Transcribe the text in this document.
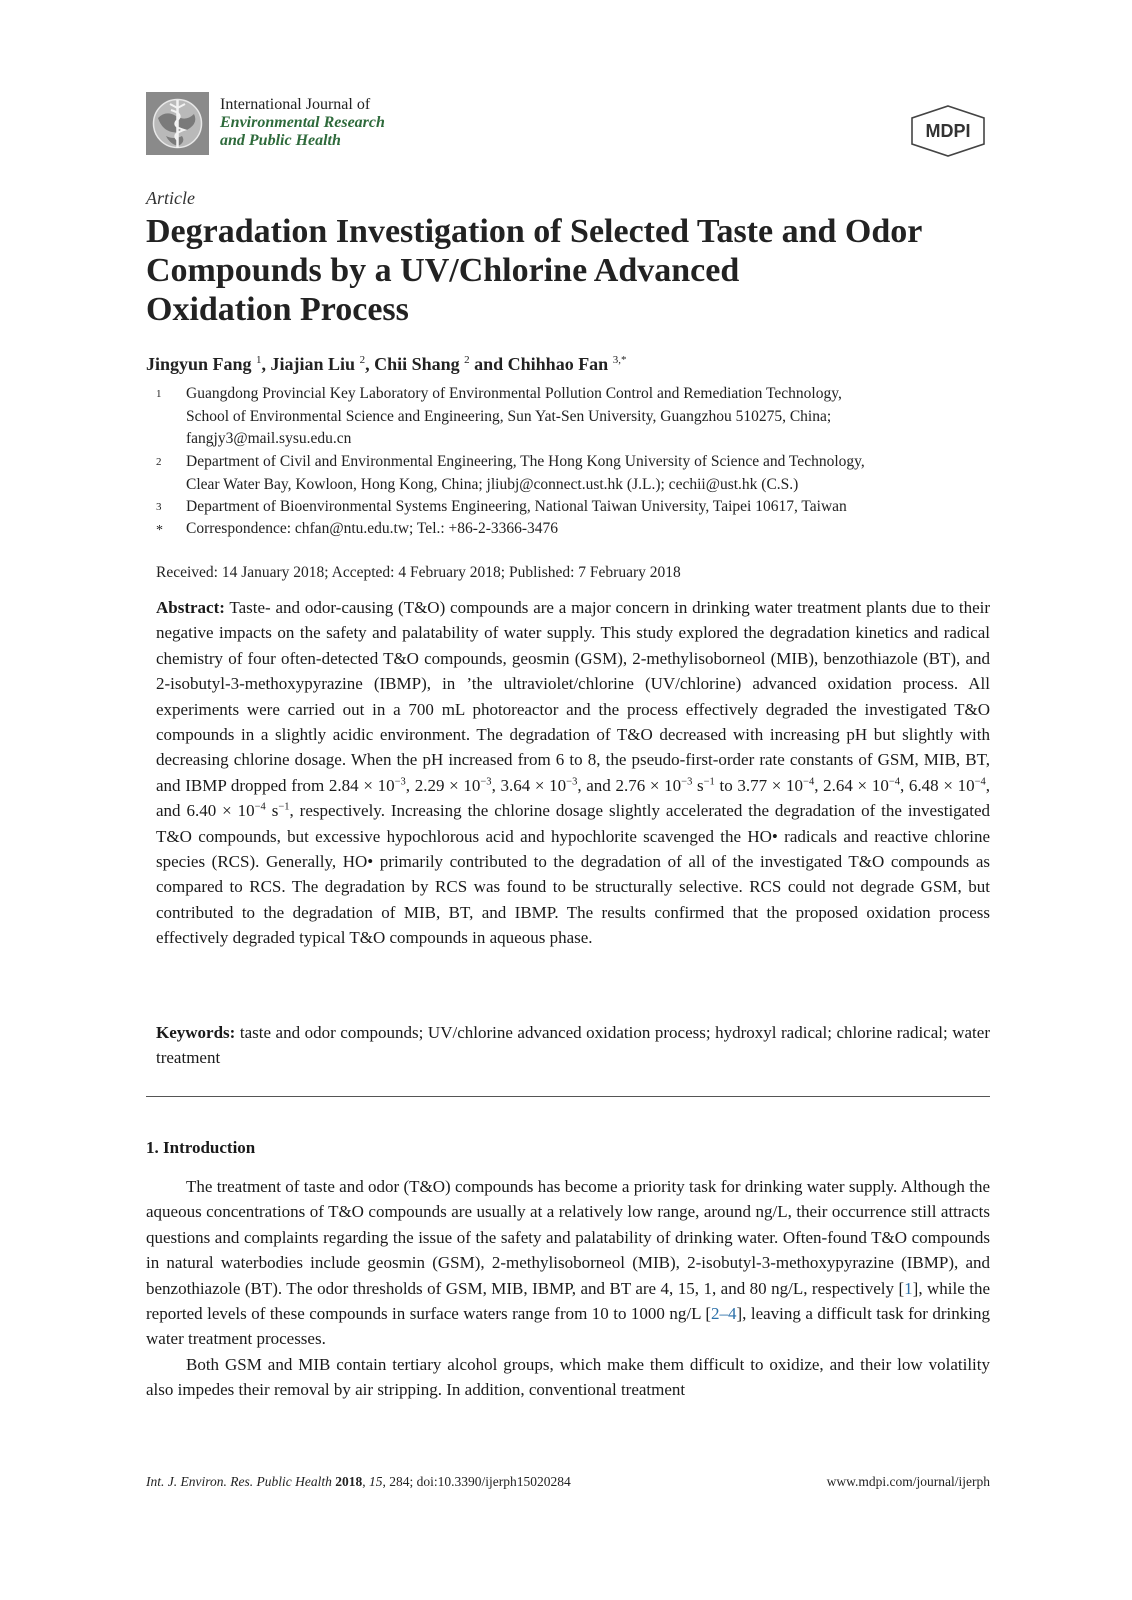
International Journal of
Environmental Research
and Public Health	MDPI
Article
Degradation Investigation of Selected Taste and Odor
Compounds by a UV/Chlorine Advanced
Oxidation Process
Jingyun Fang $^1$, Jiajian Liu $^2$, Chii Shang $^2$ and Chihhao Fan $^{3,*}$
1 Guangdong Provincial Key Laboratory of Environmental Pollution Control and Remediation Technology,
School of Environmental Science and Engineering, Sun Yat-Sen University, Guangzhou 510275, China;
fangjy3@mail.sysu.edu.cn
2 Department of Civil and Environmental Engineering, The Hong Kong University of Science and Technology,
Clear Water Bay, Kowloon, Hong Kong, China; jliubj@connect.ust.hk (J.L.); cechii@ust.hk (C.S.)
3 Department of Bioenvironmental Systems Engineering, National Taiwan University, Taipei 10617, Taiwan
* Correspondence: chfan@ntu.edu.tw; Tel.: +86-2-3366-3476
Received: 14 January 2018; Accepted: 4 February 2018; Published: 7 February 2018
Abstract: Taste- and odor-causing (T&O) compounds are a major concern in drinking water treatment plants due to their negative impacts on the safety and palatability of water supply. This study explored the degradation kinetics and radical chemistry of four often-detected T&O compounds, geosmin (GSM), 2-methylisoborneol (MIB), benzothiazole (BT), and 2-isobutyl-3-methoxypyrazine (IBMP), in ’the ultraviolet/chlorine (UV/chlorine) advanced oxidation process. All experiments were carried out in a 700 mL photoreactor and the process effectively degraded the investigated T&O compounds in a slightly acidic environment. The degradation of T&O decreased with increasing pH but slightly with decreasing chlorine dosage. When the pH increased from 6 to 8, the pseudo-first-order rate constants of GSM, MIB, BT, and IBMP dropped from $2.84 \times 10^{-3}$, $2.29 \times 10^{-3}$, $3.64 \times 10^{-3}$, and $2.76 \times 10^{-3}$ $s^{-1}$ to $3.77 \times 10^{-4}$, $2.64 \times 10^{-4}$, $6.48 \times 10^{-4}$, and $6.40 \times 10^{-4}$ $s^{-1}$, respectively. Increasing the chlorine dosage slightly accelerated the degradation of the investigated T&O compounds, but excessive hypochlorous acid and hypochlorite scavenged the HO• radicals and reactive chlorine species (RCS). Generally, HO• primarily contributed to the degradation of all of the investigated T&O compounds as compared to RCS. The degradation by RCS was found to be structurally selective. RCS could not degrade GSM, but contributed to the degradation of MIB, BT, and IBMP. The results confirmed that the proposed oxidation process effectively degraded typical T&O compounds in aqueous phase.
Keywords: taste and odor compounds; UV/chlorine advanced oxidation process; hydroxyl radical; chlorine radical; water treatment
1. Introduction

The treatment of taste and odor (T&O) compounds has become a priority task for drinking water supply. Although the aqueous concentrations of T&O compounds are usually at a relatively low range, around ng/L, their occurrence still attracts questions and complaints regarding the issue of the safety and palatability of drinking water. Often-found T&O compounds in natural waterbodies include geosmin (GSM), 2-methylisoborneol (MIB), 2-isobutyl-3-methoxypyrazine (IBMP), and benzothiazole (BT). The odor thresholds of GSM, MIB, IBMP, and BT are 4, 15, 1, and 80 ng/L, respectively [1], while the reported levels of these compounds in surface waters range from 10 to 1000 ng/L [2–4], leaving a difficult task for drinking water treatment processes.

Both GSM and MIB contain tertiary alcohol groups, which make them difficult to oxidize, and their low volatility also impedes their removal by air stripping. In addition, conventional treatment

Int. J. Environ. Res. Public Health 2018, 15, 284; doi:10.3390/ijerph15020284	www.mdpi.com/journal/ijerph
